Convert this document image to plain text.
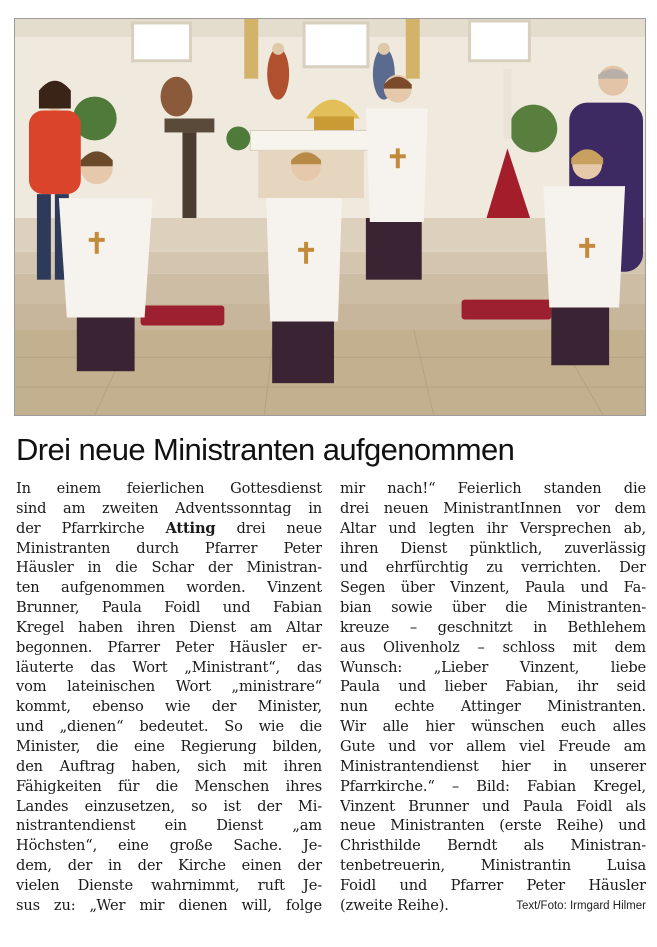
Drei neue Ministranten aufgenommen
In einem feierlichen Gottesdienst
sind am zweiten Adventssonntag in
der Pfarrkirche Atting drei neue
Ministranten durch Pfarrer Peter
Häusler in die Schar der Ministran-
ten aufgenommen worden. Vinzent
Brunner, Paula Foidl und Fabian
Kregel haben ihren Dienst am Altar
begonnen. Pfarrer Peter Häusler er-
läuterte das Wort „Ministrant“, das
vom lateinischen Wort „ministrare“
kommt, ebenso wie der Minister,
und „dienen“ bedeutet. So wie die
Minister, die eine Regierung bilden,
den Auftrag haben, sich mit ihren
Fähigkeiten für die Menschen ihres
Landes einzusetzen, so ist der Mi-
nistrantendienst ein Dienst „am
Höchsten“, eine große Sache. Je-
dem, der in der Kirche einen der
vielen Dienste wahrnimmt, ruft Je-
sus zu: „Wer mir dienen will, folge
mir nach!“ Feierlich standen die
drei neuen MinistrantInnen vor dem
Altar und legten ihr Versprechen ab,
ihren Dienst pünktlich, zuverlässig
und ehrfürchtig zu verrichten. Der
Segen über Vinzent, Paula und Fa-
bian sowie über die Ministranten-
kreuze – geschnitzt in Bethlehem
aus Olivenholz – schloss mit dem
Wunsch: „Lieber Vinzent, liebe
Paula und lieber Fabian, ihr seid
nun echte Attinger Ministranten.
Wir alle hier wünschen euch alles
Gute und vor allem viel Freude am
Ministrantendienst hier in unserer
Pfarrkirche.“ – Bild: Fabian Kregel,
Vinzent Brunner und Paula Foidl als
neue Ministranten (erste Reihe) und
Christhilde Berndt als Ministran-
tenbetreuerin, Ministrantin Luisa
Foidl und Pfarrer Peter Häusler
(zweite Reihe).	Text/Foto: Irmgard Hilmer
